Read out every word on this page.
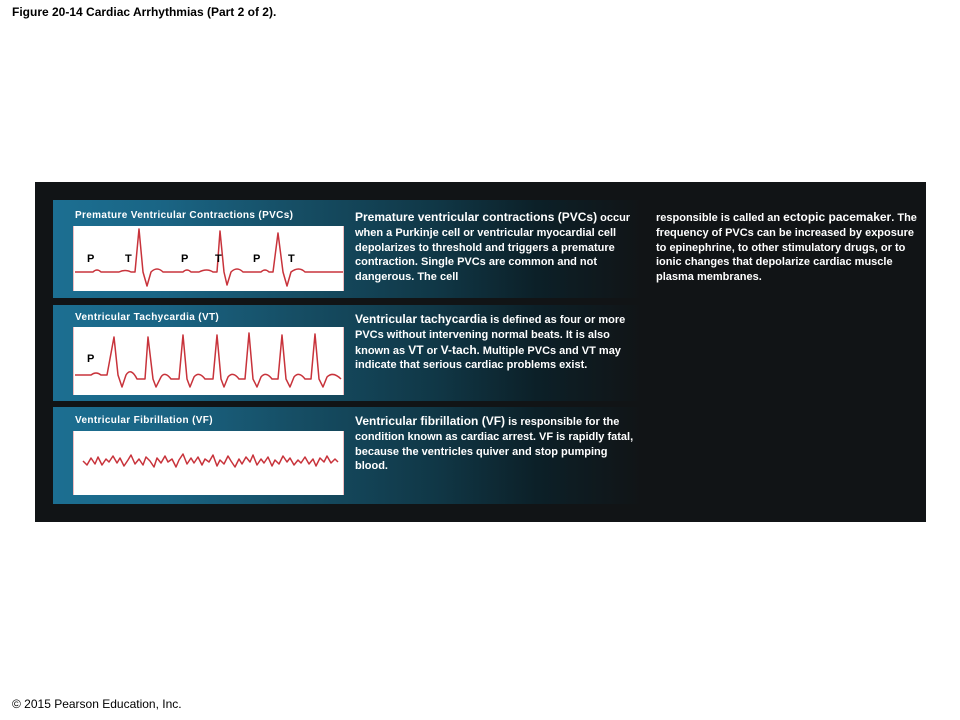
Figure 20-14 Cardiac Arrhythmias (Part 2 of 2).
Premature Ventricular Contractions (PVCs)
P	T	P T	P	T
Premature ventricular contractions (PVCs) occur when a Purkinje cell or ventricular myocardial cell depolarizes to threshold and triggers a premature contraction. Single PVCs are common and not dangerous. The cell
Ventricular Tachycardia (VT)
P
Ventricular tachycardia is defined as four or more PVCs without intervening normal beats. It is also known as VT or V-tach. Multiple PVCs and VT may indicate that serious cardiac problems exist.
Ventricular Fibrillation (VF)	Ventricular fibrillation (VF) is responsible for the condition known as cardiac arrest. VF is rapidly fatal, because the ventricles quiver and stop pumping blood.
responsible is called an ectopic pacemaker. The frequency of PVCs can be increased by exposure to epinephrine, to other stimulatory drugs, or to ionic changes that depolarize cardiac muscle plasma membranes.
© 2015 Pearson Education, Inc.
